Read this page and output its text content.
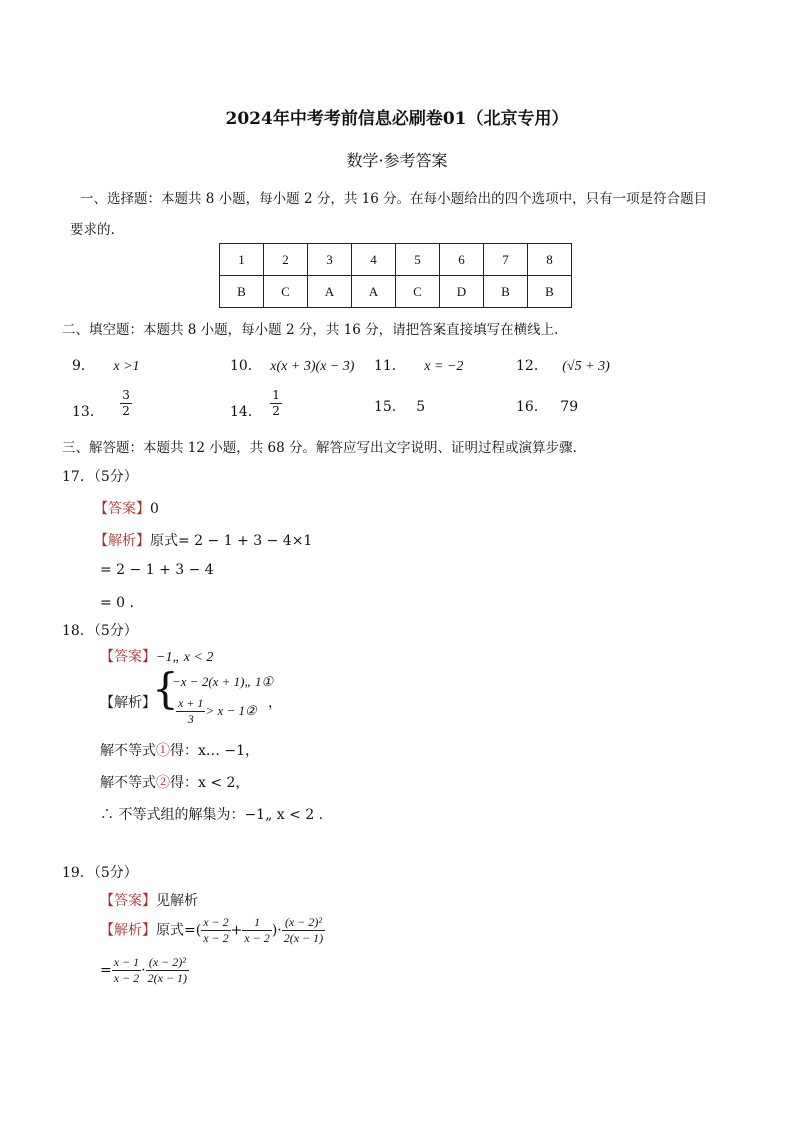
2024年中考考前信息必刷卷01（北京专用）
数学·参考答案
一、选择题：本题共 8 小题，每小题 2 分，共 16 分。在每小题给出的四个选项中，只有一项是符合题目
要求的.
1	2	3	4	5	6	7	8
B	C	A	A	C	D	B	B
二、填空题：本题共 8 小题，每小题 2 分，共 16 分，请把答案直接填写在横线上.
9． x >1	10． x(x + 3)(x − 3) 11． x = −2	12． (√5 + 3)
13． $\frac{3}{2}$	14． $\frac{1}{2}$	15． 5	16． 79
三、解答题：本题共 12 小题，共 68 分。解答应写出文字说明、证明过程或演算步骤.
17．（5分）
【答案】0
【解析】原式= 2 − 1 + 3 − 4×1
= 2 − 1 + 3 − 4
= 0 .
18．（5分）
【答案】−1„ x < 2
【解析】
{
−x − 2(x + 1)„ 1①
$\frac{x + 1}{3} > x$ − 1② ，
解不等式①得：x… −1，
解不等式②得：x < 2，
∴ 不等式组的解集为：−1„ x < 2 .
19．（5分）
【答案】见解析
【解析】原式=( $\frac{x - 2}{x - 2} + \frac{1}{x - 2}$ )· $\frac{\text{(x − 2)²}}{2(x - 1)}$
= $\frac{x - 1}{x - 2} \cdot \frac{\text{(x − 2)²}}{2(x - 1)}$
